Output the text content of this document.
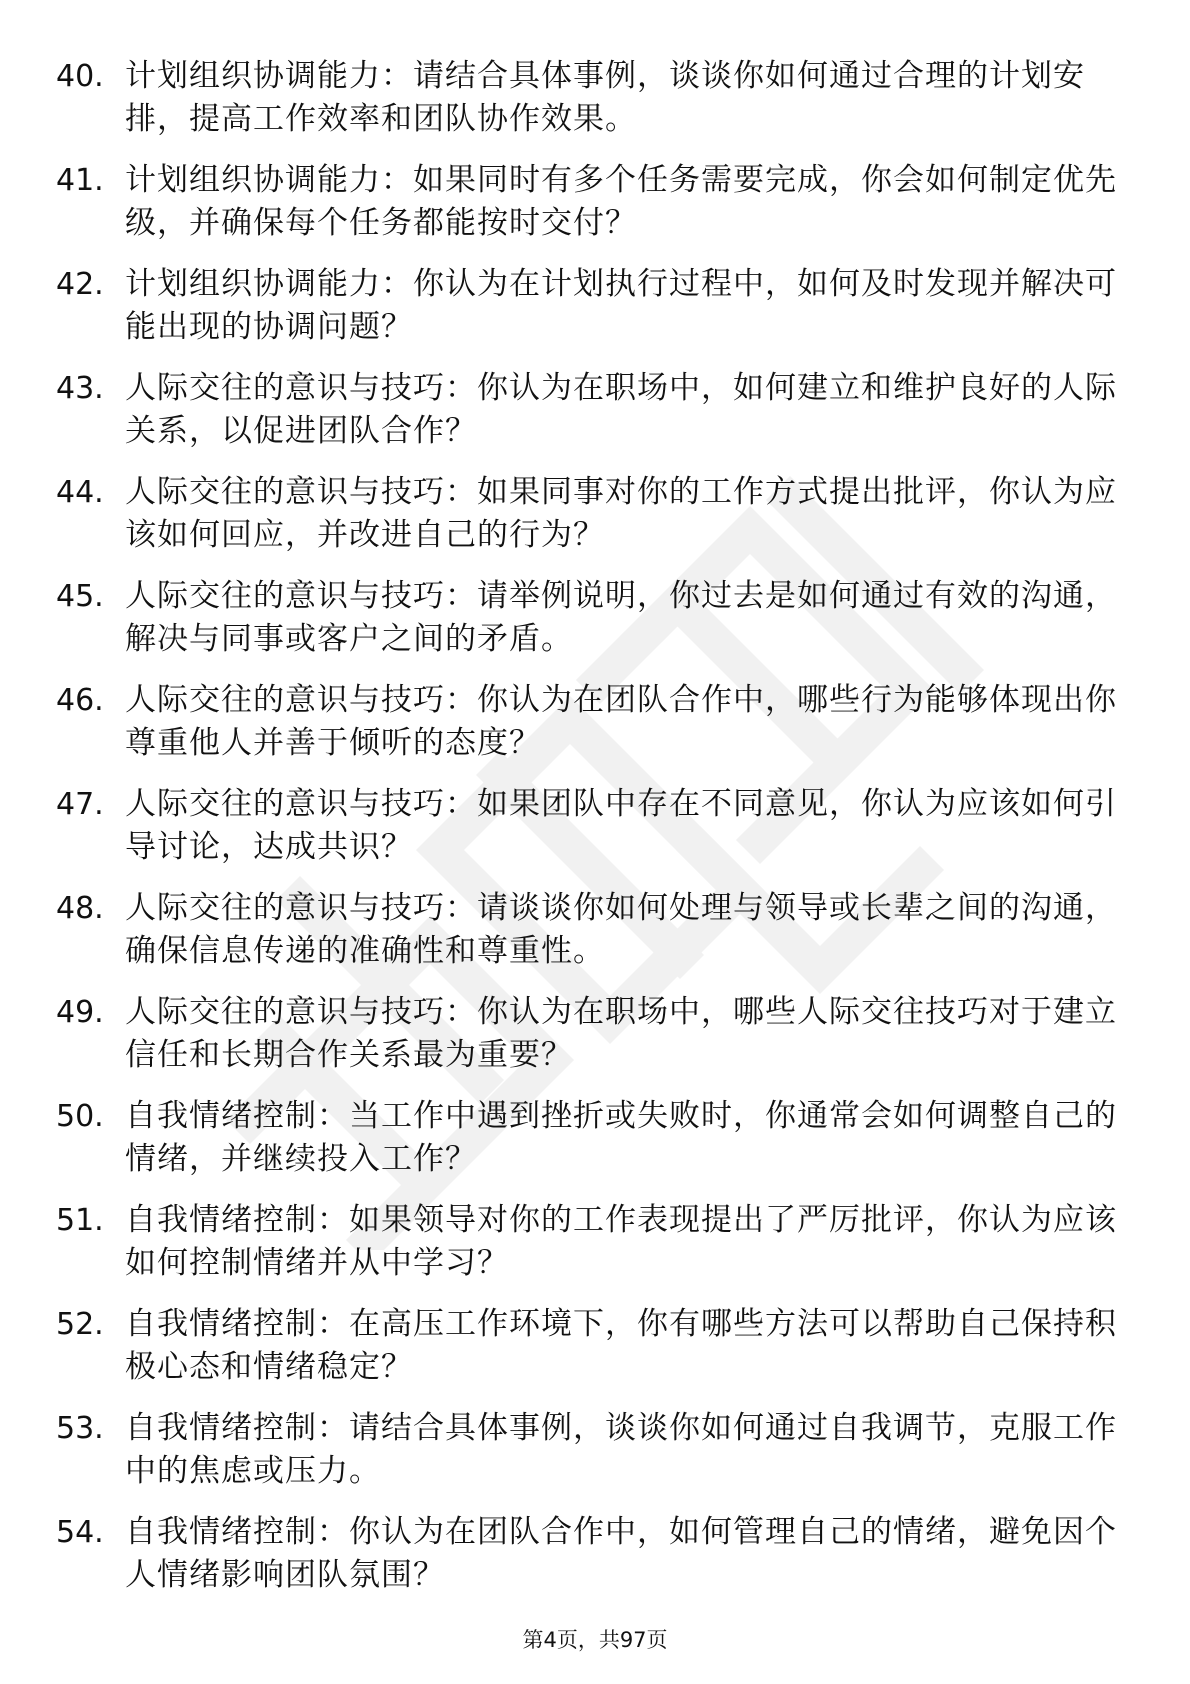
40. 计划组织协调能力：请结合具体事例，谈谈你如何通过合理的计划安排，提高工作效率和团队协作效果。
41. 计划组织协调能力：如果同时有多个任务需要完成，你会如何制定优先级，并确保每个任务都能按时交付？
42. 计划组织协调能力：你认为在计划执行过程中，如何及时发现并解决可能出现的协调问题？
43. 人际交往的意识与技巧：你认为在职场中，如何建立和维护良好的人际关系，以促进团队合作？
44. 人际交往的意识与技巧：如果同事对你的工作方式提出批评，你认为应该如何回应，并改进自己的行为？
45. 人际交往的意识与技巧：请举例说明，你过去是如何通过有效的沟通，解决与同事或客户之间的矛盾。
46. 人际交往的意识与技巧：你认为在团队合作中，哪些行为能够体现出你尊重他人并善于倾听的态度？
47. 人际交往的意识与技巧：如果团队中存在不同意见，你认为应该如何引导讨论，达成共识？
48. 人际交往的意识与技巧：请谈谈你如何处理与领导或长辈之间的沟通，确保信息传递的准确性和尊重性。
49. 人际交往的意识与技巧：你认为在职场中，哪些人际交往技巧对于建立信任和长期合作关系最为重要？
50. 自我情绪控制：当工作中遇到挫折或失败时，你通常会如何调整自己的情绪，并继续投入工作？
51. 自我情绪控制：如果领导对你的工作表现提出了严厉批评，你认为应该如何控制情绪并从中学习？
52. 自我情绪控制：在高压工作环境下，你有哪些方法可以帮助自己保持积极心态和情绪稳定？
53. 自我情绪控制：请结合具体事例，谈谈你如何通过自我调节，克服工作中的焦虑或压力。
54. 自我情绪控制：你认为在团队合作中，如何管理自己的情绪，避免因个人情绪影响团队氛围？
第4页，共97页
